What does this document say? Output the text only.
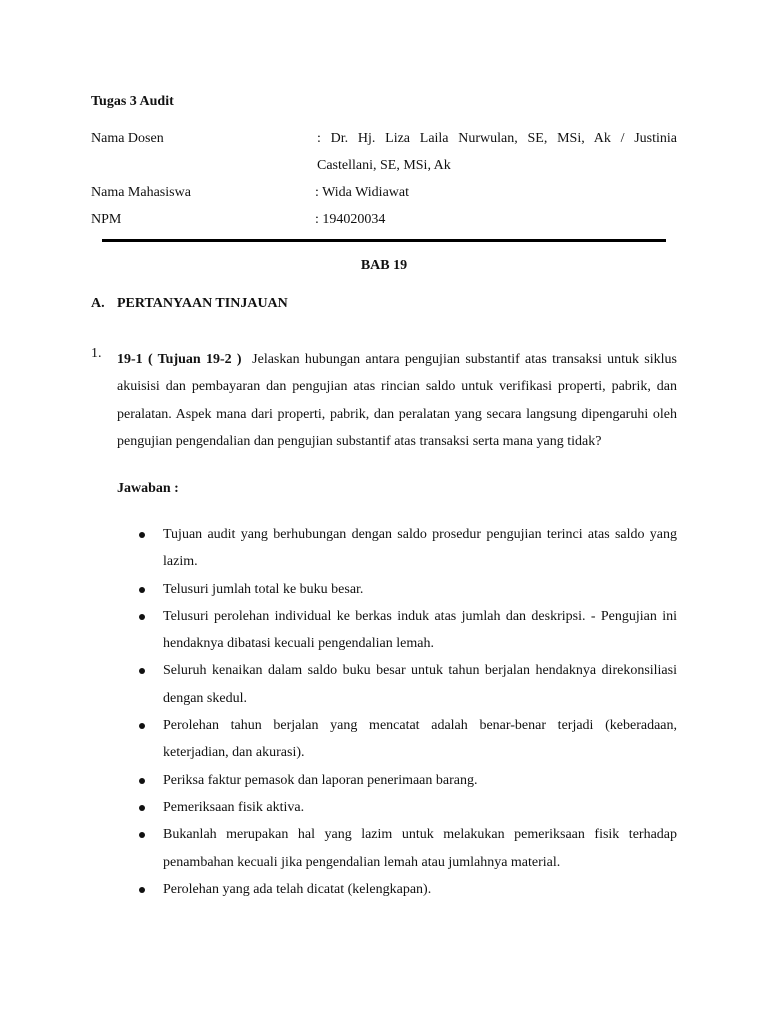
Tugas 3 Audit
Nama Dosen	: Dr. Hj. Liza Laila Nurwulan, SE, MSi, Ak / Justinia Castellani, SE, MSi, Ak
Nama Mahasiswa	: Wida Widiawat
NPM	: 194020034
BAB 19
A. PERTANYAAN TINJAUAN
1. 19-1 ( Tujuan 19-2 ) Jelaskan hubungan antara pengujian substantif atas transaksi untuk siklus akuisisi dan pembayaran dan pengujian atas rincian saldo untuk verifikasi properti, pabrik, dan peralatan. Aspek mana dari properti, pabrik, dan peralatan yang secara langsung dipengaruhi oleh pengujian pengendalian dan pengujian substantif atas transaksi serta mana yang tidak?
Jawaban :
Tujuan audit yang berhubungan dengan saldo prosedur pengujian terinci atas saldo yang lazim.
Telusuri jumlah total ke buku besar.
Telusuri perolehan individual ke berkas induk atas jumlah dan deskripsi. - Pengujian ini hendaknya dibatasi kecuali pengendalian lemah.
Seluruh kenaikan dalam saldo buku besar untuk tahun berjalan hendaknya direkonsiliasi dengan skedul.
Perolehan tahun berjalan yang mencatat adalah benar-benar terjadi (keberadaan, keterjadian, dan akurasi).
Periksa faktur pemasok dan laporan penerimaan barang.
Pemeriksaan fisik aktiva.
Bukanlah merupakan hal yang lazim untuk melakukan pemeriksaan fisik terhadap penambahan kecuali jika pengendalian lemah atau jumlahnya material.
Perolehan yang ada telah dicatat (kelengkapan).
